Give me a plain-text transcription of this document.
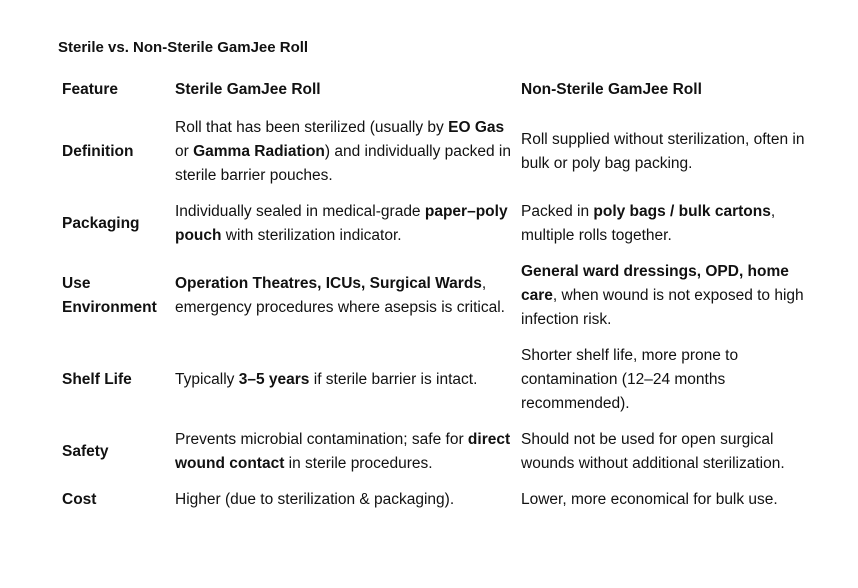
Sterile vs. Non-Sterile GamJee Roll
Feature	Sterile GamJee Roll	Non-Sterile GamJee Roll
Definition	Roll that has been sterilized (usually by EO Gas or Gamma Radiation) and individually packed in sterile barrier pouches.	Roll supplied without sterilization, often in bulk or poly bag packing.
Packaging	Individually sealed in medical-grade paper–poly pouch with sterilization indicator.	Packed in poly bags / bulk cartons, multiple rolls together.
Use Environment	Operation Theatres, ICUs, Surgical Wards, emergency procedures where asepsis is critical.	General ward dressings, OPD, home care, when wound is not exposed to high infection risk.
Shelf Life	Typically 3–5 years if sterile barrier is intact.	Shorter shelf life, more prone to contamination (12–24 months recommended).
Safety	Prevents microbial contamination; safe for direct wound contact in sterile procedures.	Should not be used for open surgical wounds without additional sterilization.
Cost	Higher (due to sterilization & packaging).	Lower, more economical for bulk use.
